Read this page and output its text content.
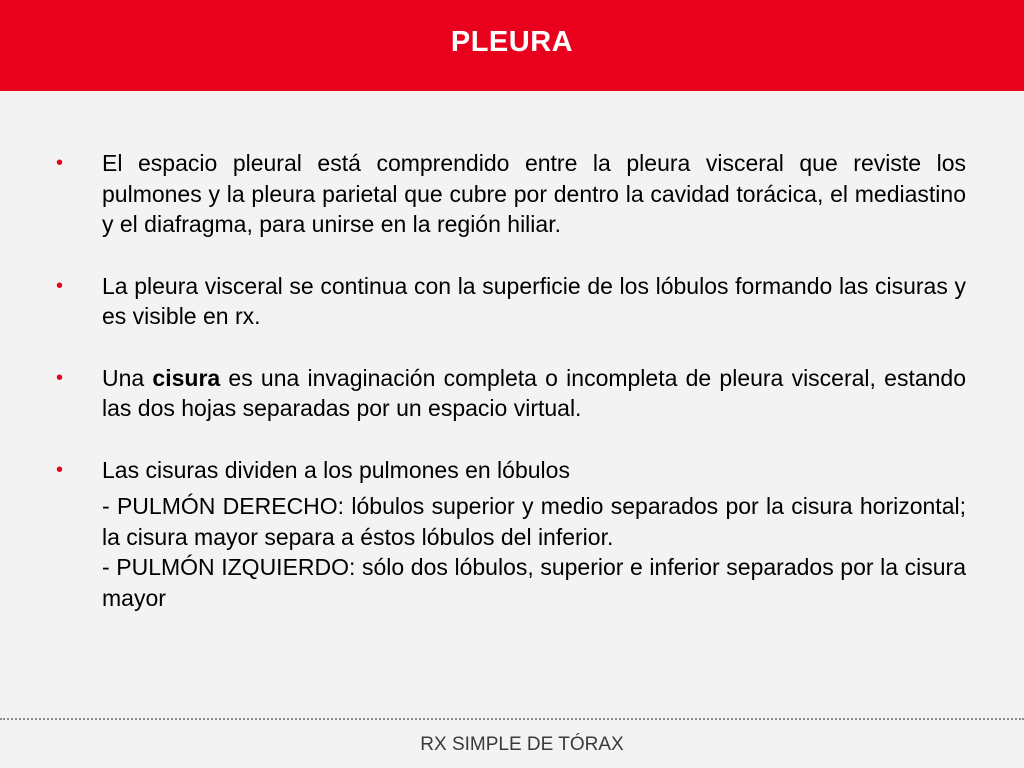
PLEURA
• El espacio pleural está comprendido entre la pleura visceral que reviste los pulmones y la pleura parietal que cubre por dentro la cavidad torácica, el mediastino y el diafragma, para unirse en la región hiliar.
• La pleura visceral se continua con la superficie de los lóbulos formando las cisuras y es visible en rx.
• Una cisura es una invaginación completa o incompleta de pleura visceral, estando las dos hojas separadas por un espacio virtual.
• Las cisuras dividen a los pulmones en lóbulos
- PULMÓN DERECHO: lóbulos superior y medio separados por la cisura horizontal; la cisura mayor separa a éstos lóbulos del inferior.
- PULMÓN IZQUIERDO: sólo dos lóbulos, superior e inferior separados por la cisura mayor
RX SIMPLE DE TÓRAX
